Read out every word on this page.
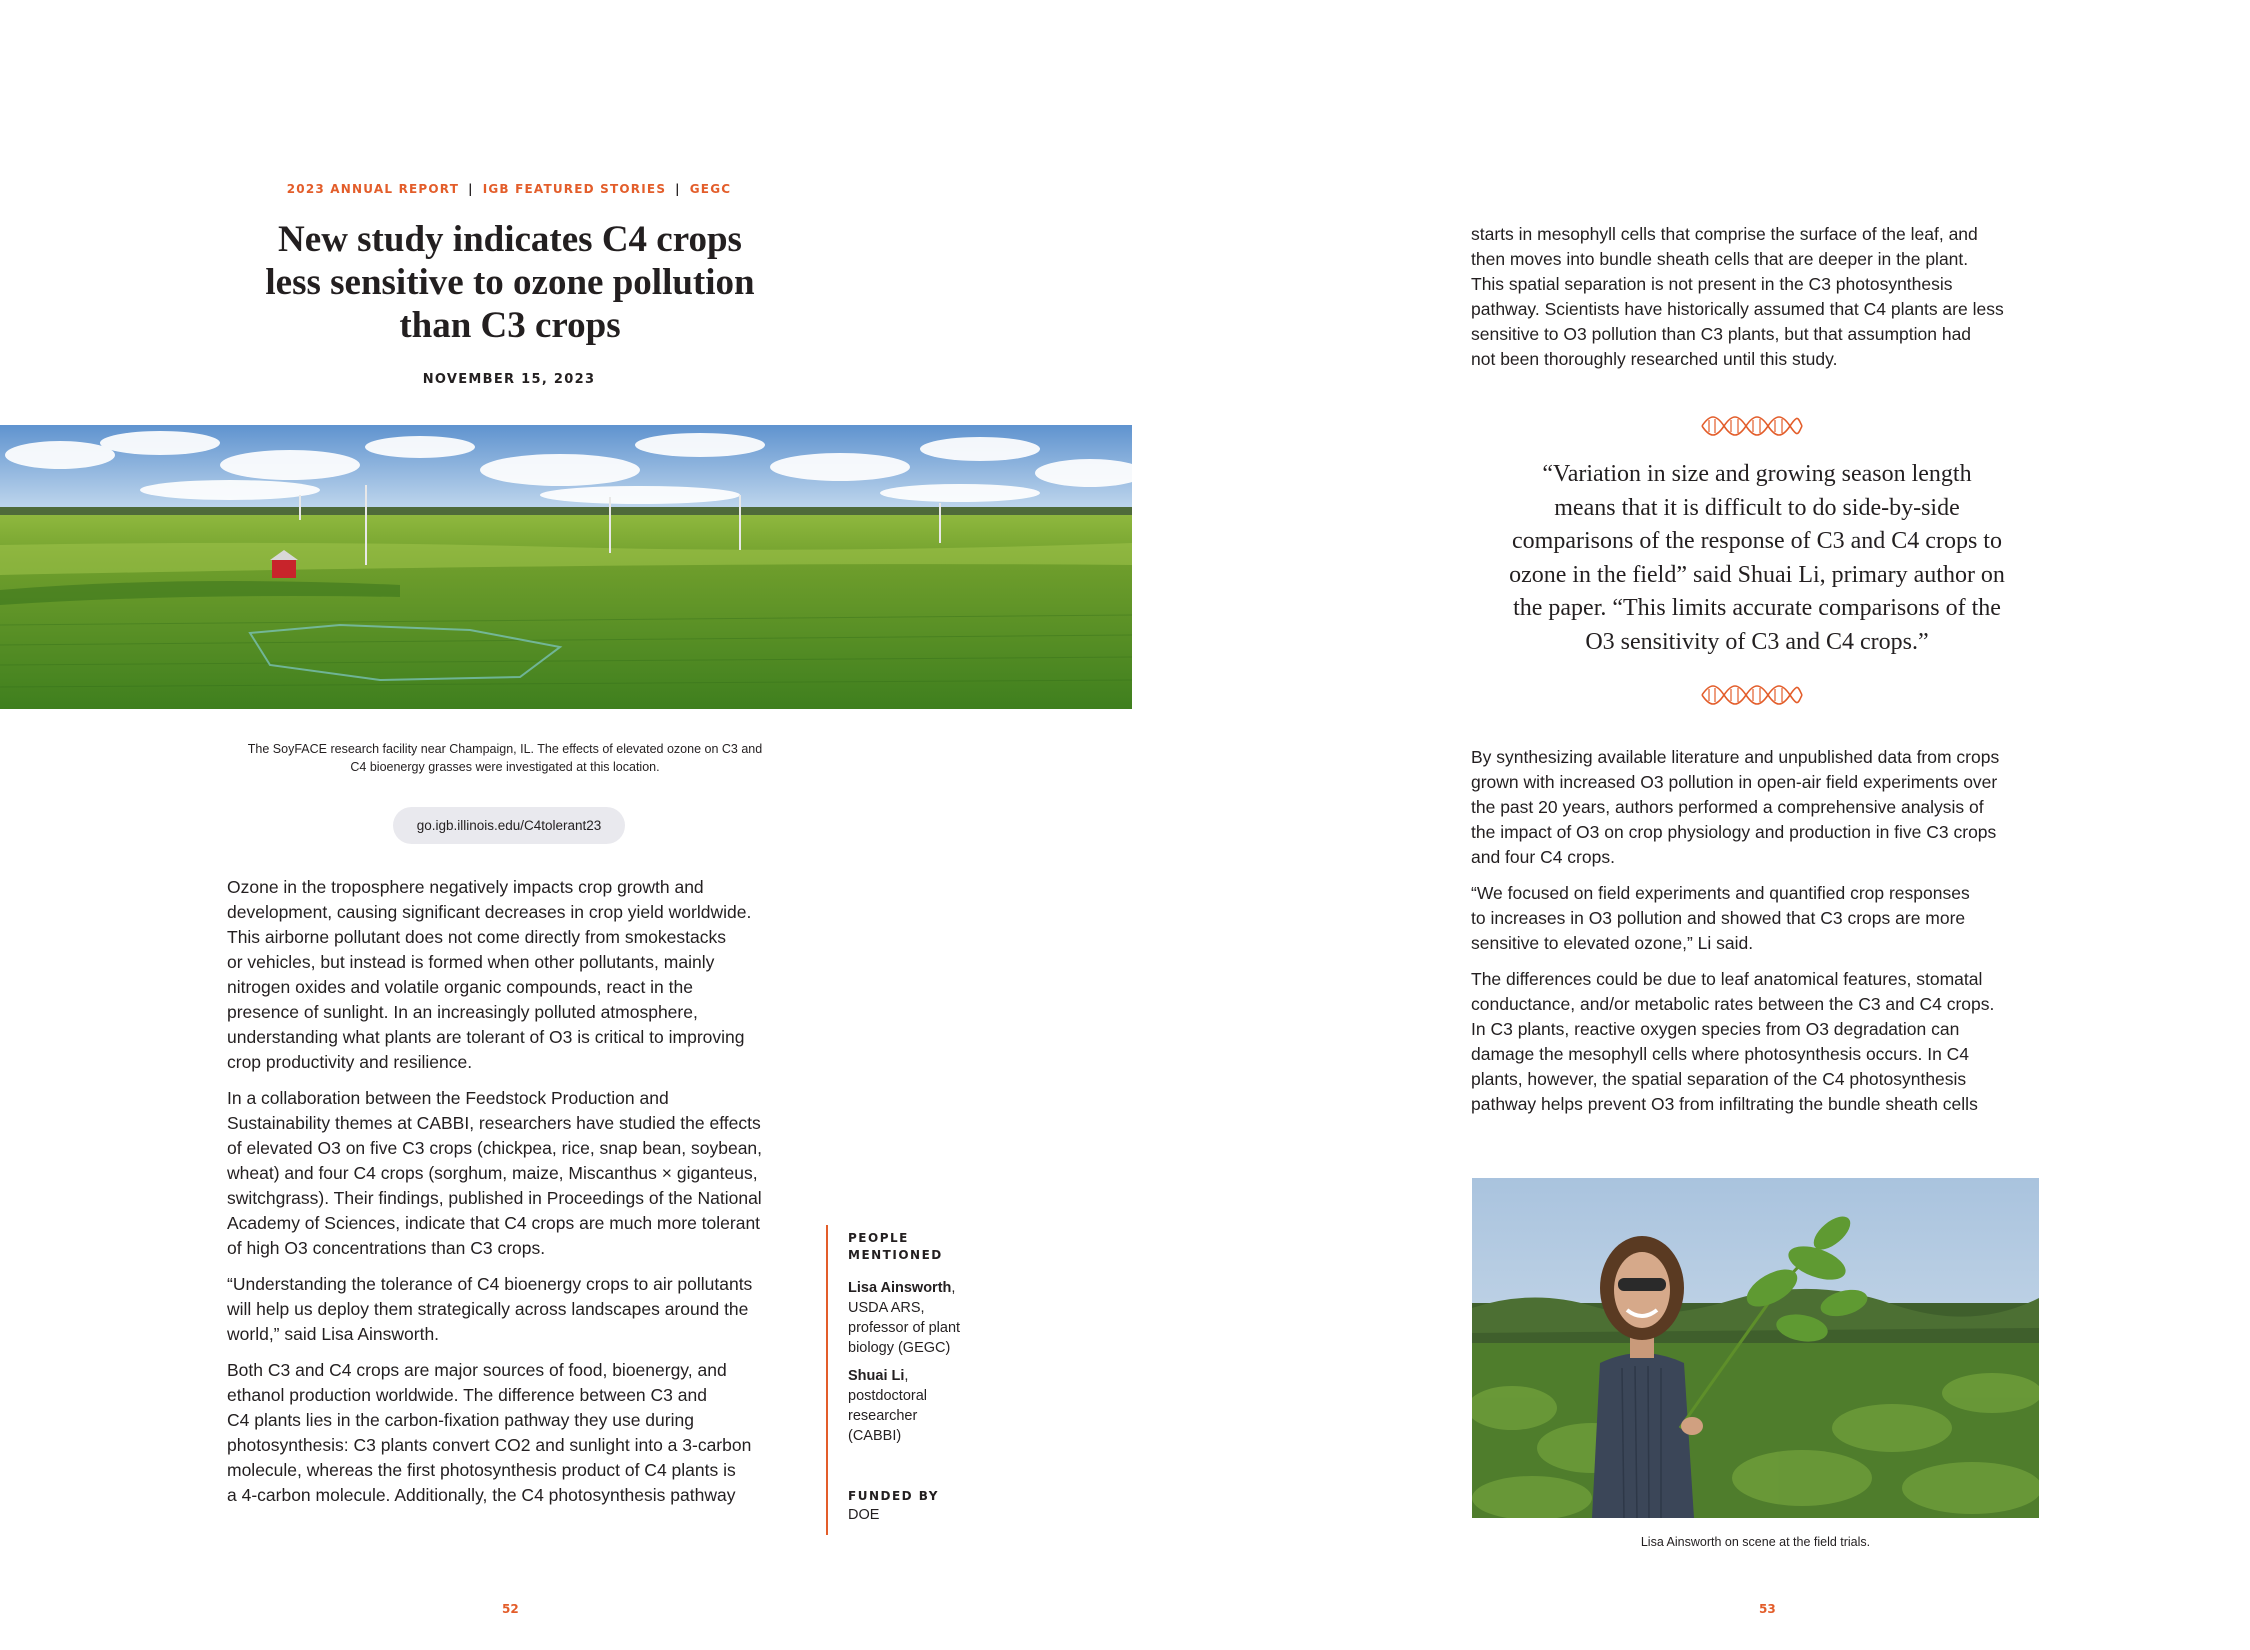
2023 ANNUAL REPORT | IGB FEATURED STORIES | GEGC
New study indicates C4 crops
less sensitive to ozone pollution
than C3 crops
NOVEMBER 15, 2023
The SoyFACE research facility near Champaign, IL. The effects of elevated ozone on C3 and
C4 bioenergy grasses were investigated at this location.
go.igb.illinois.edu/C4tolerant23

Ozone in the troposphere negatively impacts crop growth and
development, causing significant decreases in crop yield worldwide.
This airborne pollutant does not come directly from smokestacks
or vehicles, but instead is formed when other pollutants, mainly
nitrogen oxides and volatile organic compounds, react in the
presence of sunlight. In an increasingly polluted atmosphere,
understanding what plants are tolerant of O3 is critical to improving
crop productivity and resilience.

In a collaboration between the Feedstock Production and
Sustainability themes at CABBI, researchers have studied the effects
of elevated O3 on five C3 crops (chickpea, rice, snap bean, soybean,
wheat) and four C4 crops (sorghum, maize, Miscanthus × giganteus,
switchgrass). Their findings, published in Proceedings of the National
Academy of Sciences, indicate that C4 crops are much more tolerant
of high O3 concentrations than C3 crops.

“Understanding the tolerance of C4 bioenergy crops to air pollutants
will help us deploy them strategically across landscapes around the
world,” said Lisa Ainsworth.

Both C3 and C4 crops are major sources of food, bioenergy, and
ethanol production worldwide. The difference between C3 and
C4 plants lies in the carbon-fixation pathway they use during
photosynthesis: C3 plants convert CO2 and sunlight into a 3-carbon
molecule, whereas the first photosynthesis product of C4 plants is
a 4-carbon molecule. Additionally, the C4 photosynthesis pathway

PEOPLE
MENTIONED
Lisa Ainsworth,
USDA ARS,
professor of plant
biology (GEGC)
Shuai Li,
postdoctoral
researcher
(CABBI)
FUNDED BY
DOE
52

starts in mesophyll cells that comprise the surface of the leaf, and
then moves into bundle sheath cells that are deeper in the plant.
This spatial separation is not present in the C3 photosynthesis
pathway. Scientists have historically assumed that C4 plants are less
sensitive to O3 pollution than C3 plants, but that assumption had
not been thoroughly researched until this study.

“Variation in size and growing season length
means that it is difficult to do side-by-side
comparisons of the response of C3 and C4 crops to
ozone in the field” said Shuai Li, primary author on
the paper. “This limits accurate comparisons of the
O3 sensitivity of C3 and C4 crops.”

By synthesizing available literature and unpublished data from crops
grown with increased O3 pollution in open-air field experiments over
the past 20 years, authors performed a comprehensive analysis of
the impact of O3 on crop physiology and production in five C3 crops
and four C4 crops.

“We focused on field experiments and quantified crop responses
to increases in O3 pollution and showed that C3 crops are more
sensitive to elevated ozone,” Li said.

The differences could be due to leaf anatomical features, stomatal
conductance, and/or metabolic rates between the C3 and C4 crops.
In C3 plants, reactive oxygen species from O3 degradation can
damage the mesophyll cells where photosynthesis occurs. In C4
plants, however, the spatial separation of the C4 photosynthesis
pathway helps prevent O3 from infiltrating the bundle sheath cells

Lisa Ainsworth on scene at the field trials.
53
